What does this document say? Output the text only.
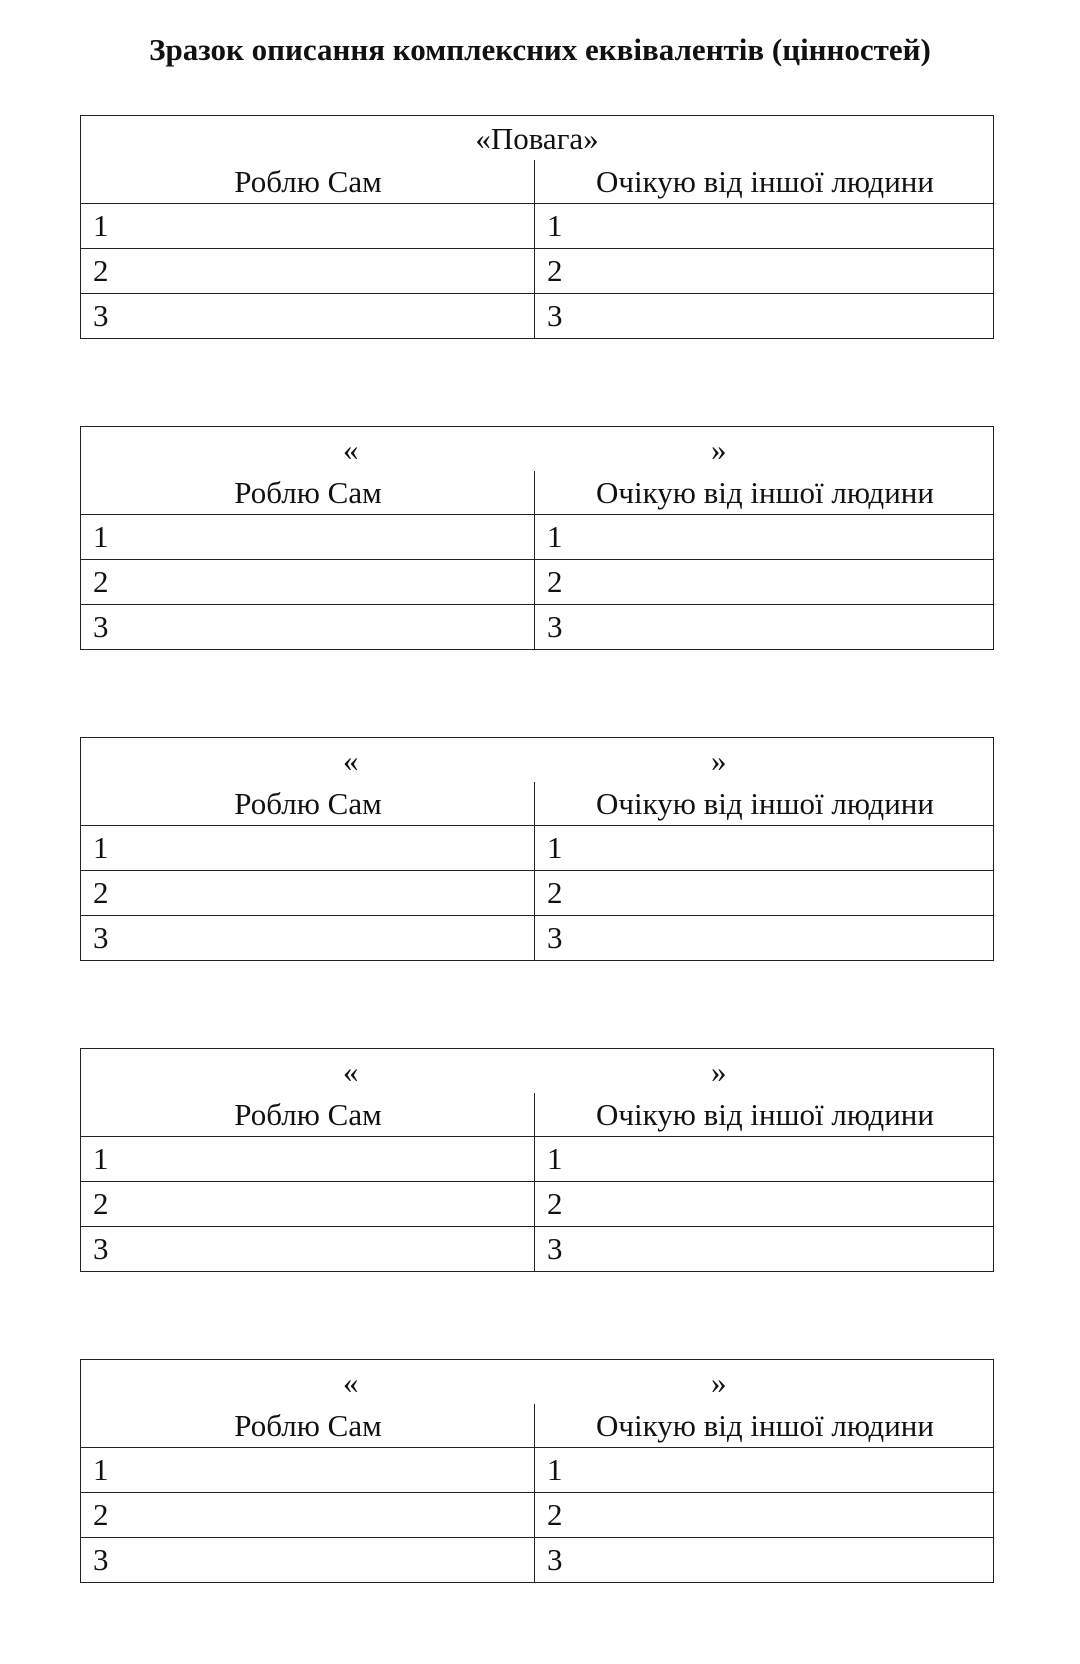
Зразок описання комплексних еквівалентів (цінностей)
«Повага»
Роблю Сам	Очікую від іншої людини
1	1
2	2
3	3
«	»
Роблю Сам	Очікую від іншої людини
1	1
2	2
3	3
«	»
Роблю Сам	Очікую від іншої людини
1	1
2	2
3	3
«	»
Роблю Сам	Очікую від іншої людини
1	1
2	2
3	3
«	»
Роблю Сам	Очікую від іншої людини
1	1
2	2
3	3
